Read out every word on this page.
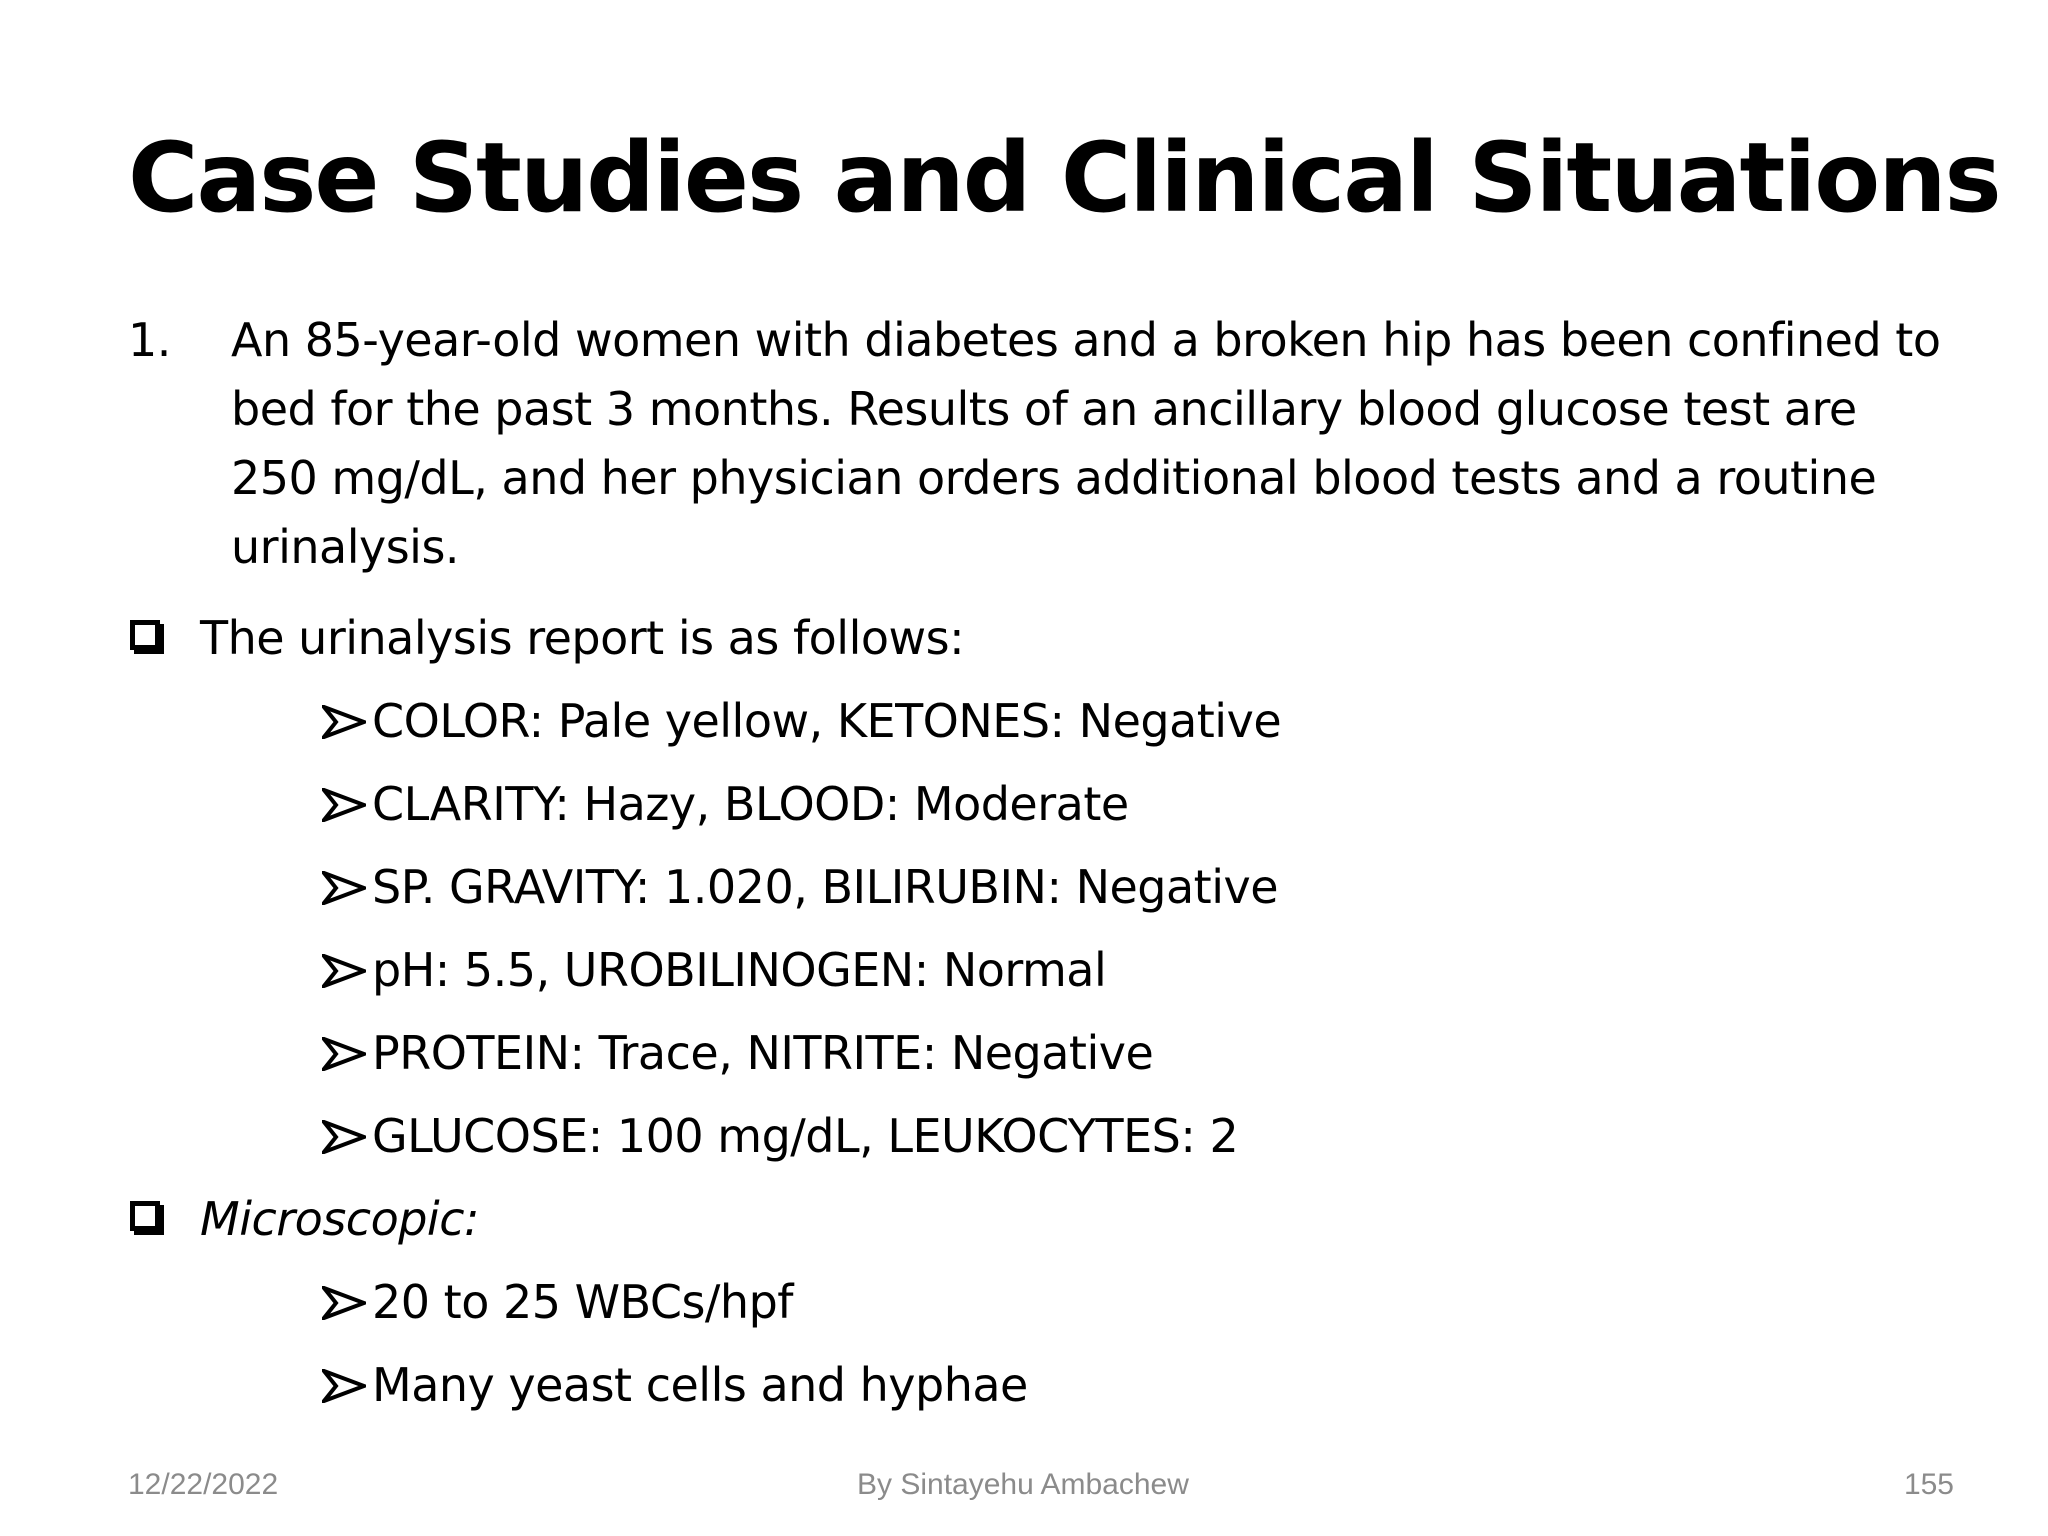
Case Studies and Clinical Situations
1. An 85-year-old women with diabetes and a broken hip has been confined to bed for the past 3 months. Results of an ancillary blood glucose test are 250 mg/dL, and her physician orders additional blood tests and a routine urinalysis.
The urinalysis report is as follows:
COLOR: Pale yellow, KETONES: Negative
CLARITY: Hazy, BLOOD: Moderate
SP. GRAVITY: 1.020, BILIRUBIN: Negative
pH: 5.5, UROBILINOGEN: Normal
PROTEIN: Trace, NITRITE: Negative
GLUCOSE: 100 mg/dL, LEUKOCYTES: 2
Microscopic:
20 to 25 WBCs/hpf
Many yeast cells and hyphae
12/22/2022	By Sintayehu Ambachew	155
